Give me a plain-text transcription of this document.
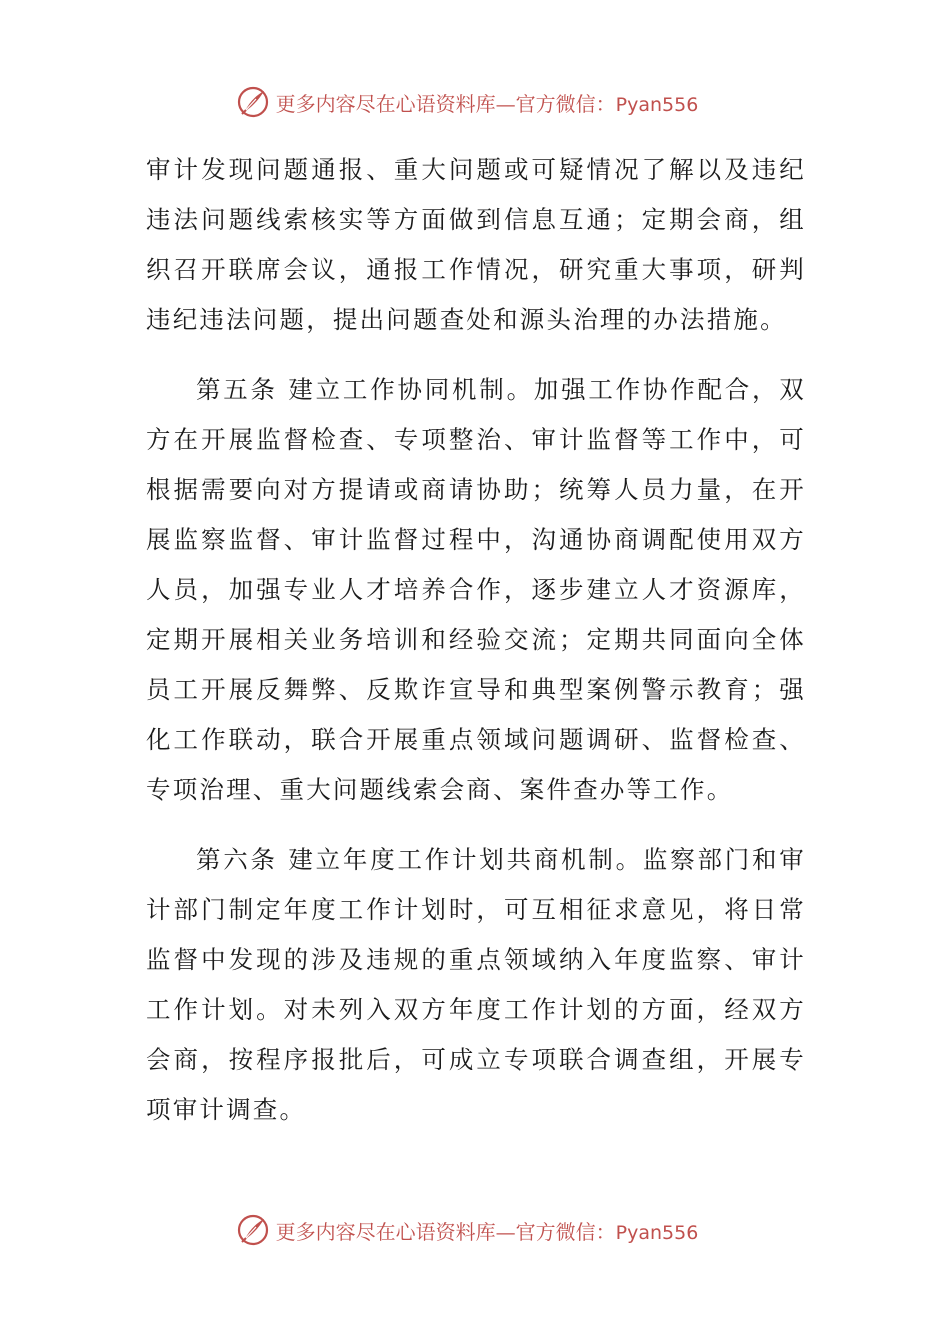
更多内容尽在心语资料库—官方微信：Pyan556

审计发现问题通报、重大问题或可疑情况了解以及违纪违法问题线索核实等方面做到信息互通；定期会商，组织召开联席会议，通报工作情况，研究重大事项，研判违纪违法问题，提出问题查处和源头治理的办法措施。

第五条 建立工作协同机制。加强工作协作配合，双方在开展监督检查、专项整治、审计监督等工作中，可根据需要向对方提请或商请协助；统筹人员力量，在开展监察监督、审计监督过程中，沟通协商调配使用双方人员，加强专业人才培养合作，逐步建立人才资源库，定期开展相关业务培训和经验交流；定期共同面向全体员工开展反舞弊、反欺诈宣导和典型案例警示教育；强化工作联动，联合开展重点领域问题调研、监督检查、专项治理、重大问题线索会商、案件查办等工作。

第六条 建立年度工作计划共商机制。监察部门和审计部门制定年度工作计划时，可互相征求意见，将日常监督中发现的涉及违规的重点领域纳入年度监察、审计工作计划。对未列入双方年度工作计划的方面，经双方会商，按程序报批后，可成立专项联合调查组，开展专项审计调查。

更多内容尽在心语资料库—官方微信：Pyan556
